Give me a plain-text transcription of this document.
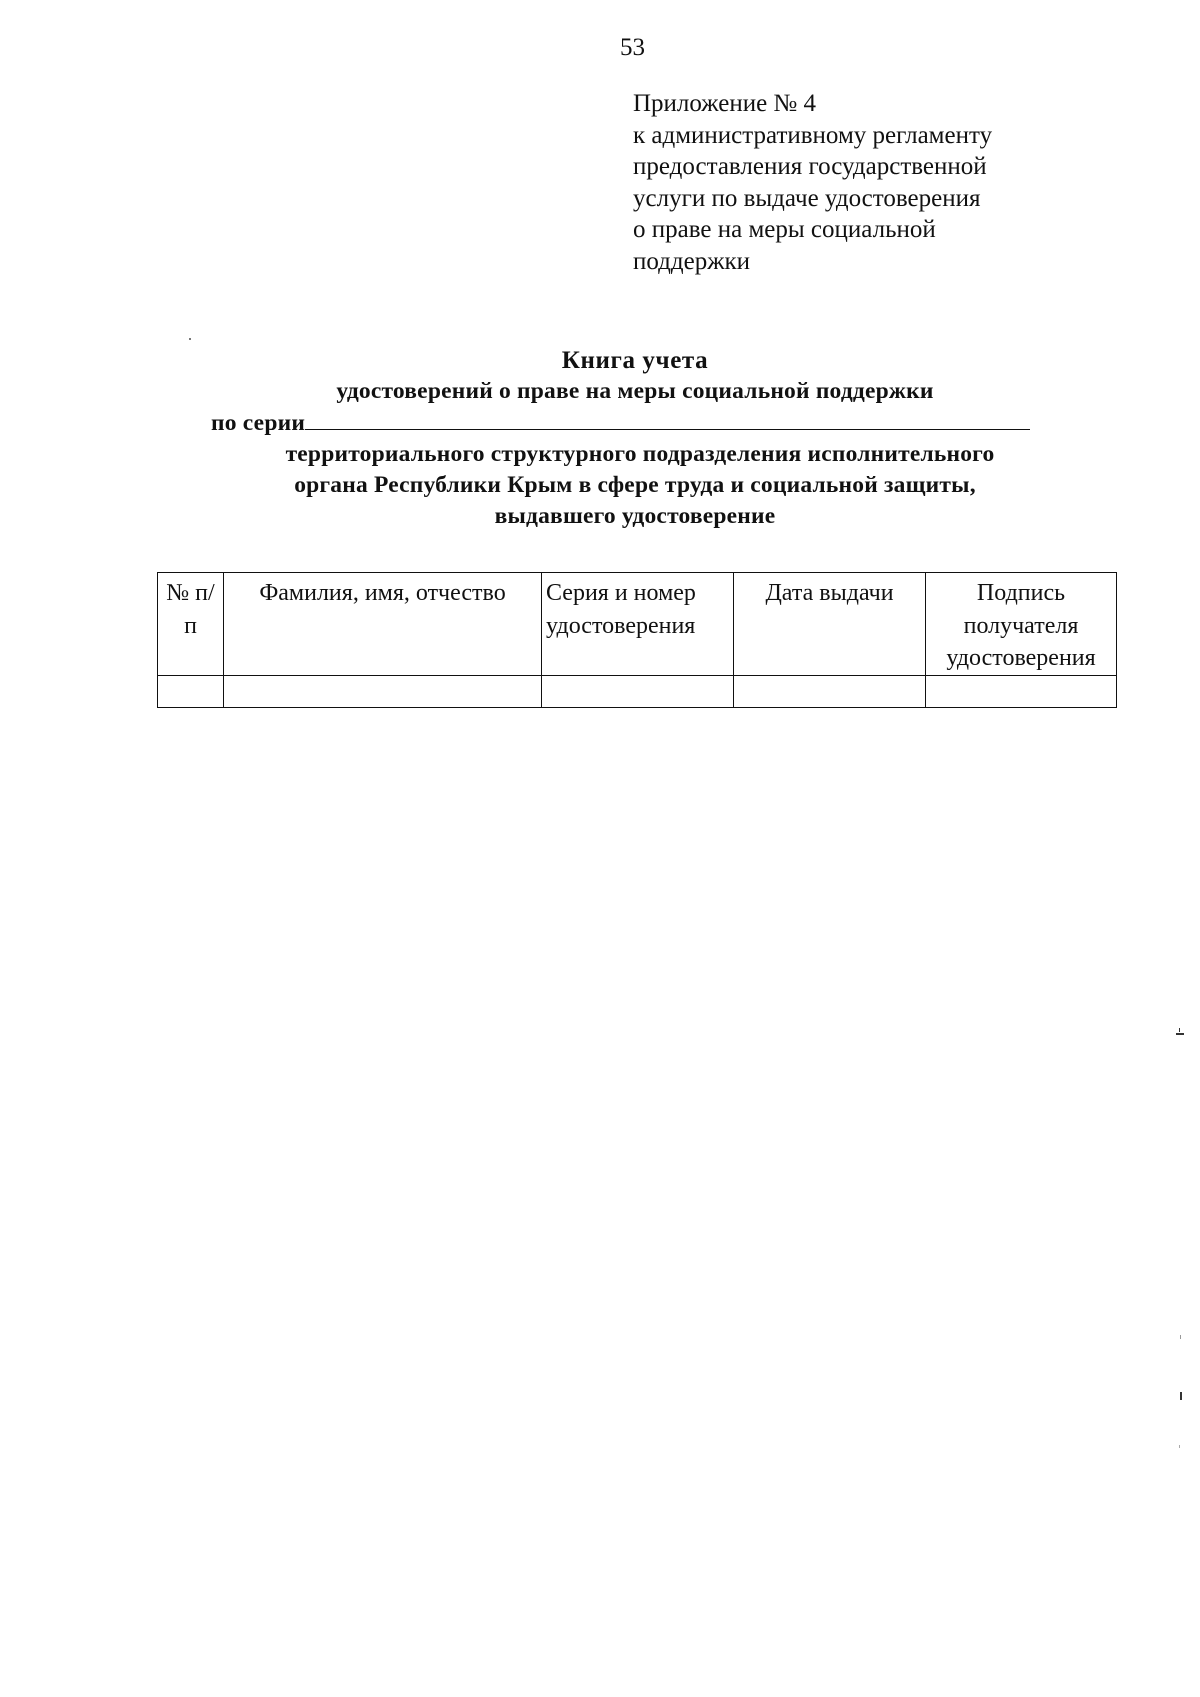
53
Приложение № 4
к административному регламенту
предоставления государственной
услуги по выдаче удостоверения
о праве на меры социальной
поддержки
Книга учета
удостоверений о праве на меры социальной поддержки
по серии
территориального структурного подразделения исполнительного
органа Республики Крым в сфере труда и социальной защиты,
выдавшего удостоверение
№ п/п	Фамилия, имя, отчество	Серия и номер удостоверения	Дата выдачи	Подпись получателя удостоверения
